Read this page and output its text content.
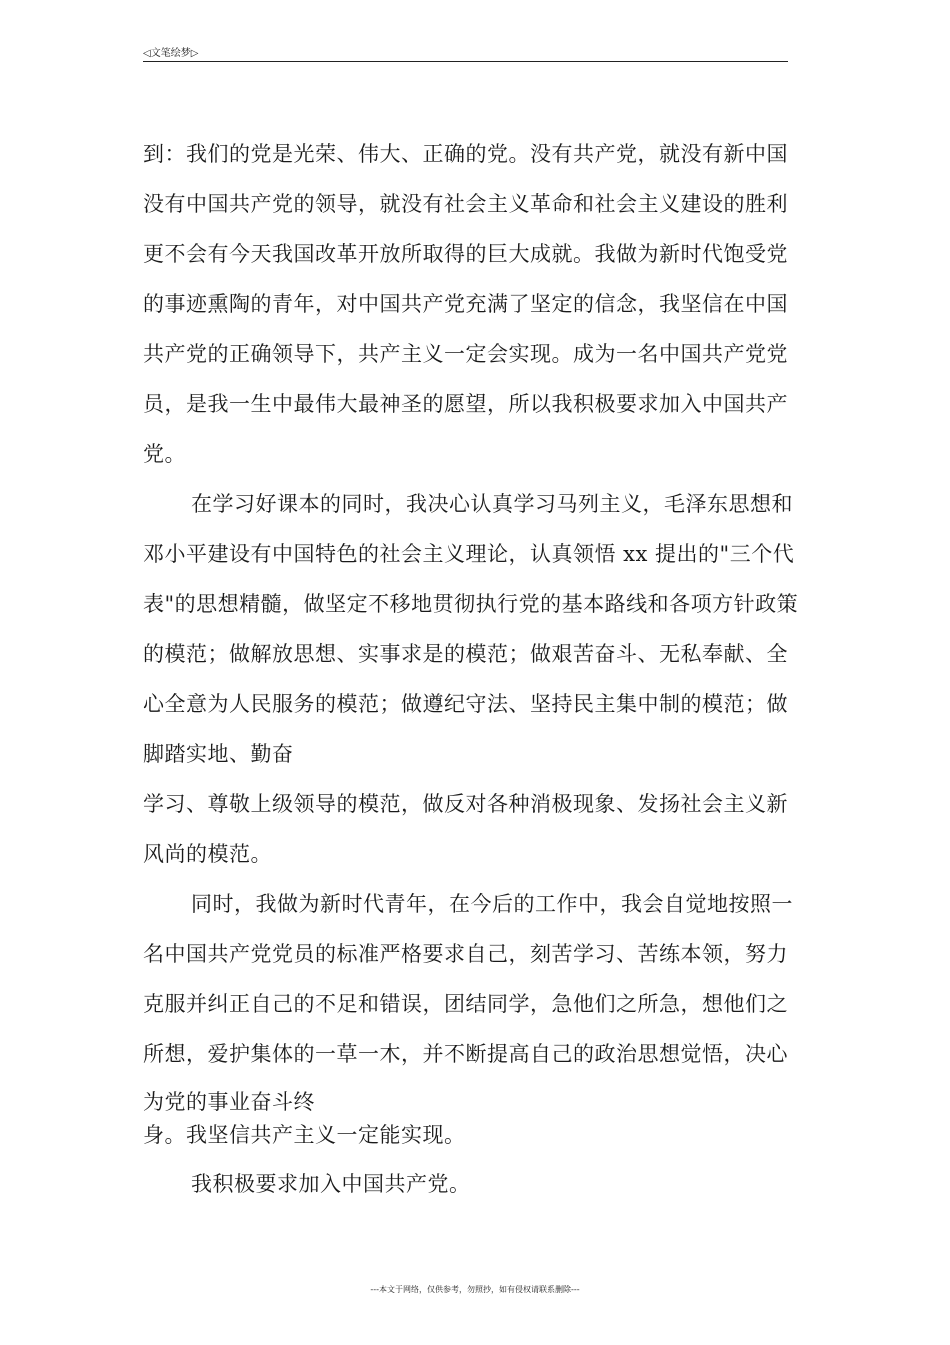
◁文笔绘梦▷
到：我们的党是光荣、伟大、正确的党。没有共产党，就没有新中国
没有中国共产党的领导，就没有社会主义革命和社会主义建设的胜利
更不会有今天我国改革开放所取得的巨大成就。我做为新时代饱受党
的事迹熏陶的青年，对中国共产党充满了坚定的信念，我坚信在中国
共产党的正确领导下，共产主义一定会实现。成为一名中国共产党党
员，是我一生中最伟大最神圣的愿望，所以我积极要求加入中国共产
党。
在学习好课本的同时，我决心认真学习马列主义，毛泽东思想和
邓小平建设有中国特色的社会主义理论，认真领悟 xx 提出的"三个代
表"的思想精髓，做坚定不移地贯彻执行党的基本路线和各项方针政策
的模范；做解放思想、实事求是的模范；做艰苦奋斗、无私奉献、全
心全意为人民服务的模范；做遵纪守法、坚持民主集中制的模范；做
脚踏实地、勤奋
学习、尊敬上级领导的模范，做反对各种消极现象、发扬社会主义新
风尚的模范。
同时，我做为新时代青年，在今后的工作中，我会自觉地按照一
名中国共产党党员的标准严格要求自己，刻苦学习、苦练本领，努力
克服并纠正自己的不足和错误，团结同学，急他们之所急，想他们之
所想，爱护集体的一草一木，并不断提高自己的政治思想觉悟，决心
为党的事业奋斗终
身。我坚信共产主义一定能实现。
我积极要求加入中国共产党。
---本文于网络，仅供参考，勿照抄，如有侵权请联系删除---
